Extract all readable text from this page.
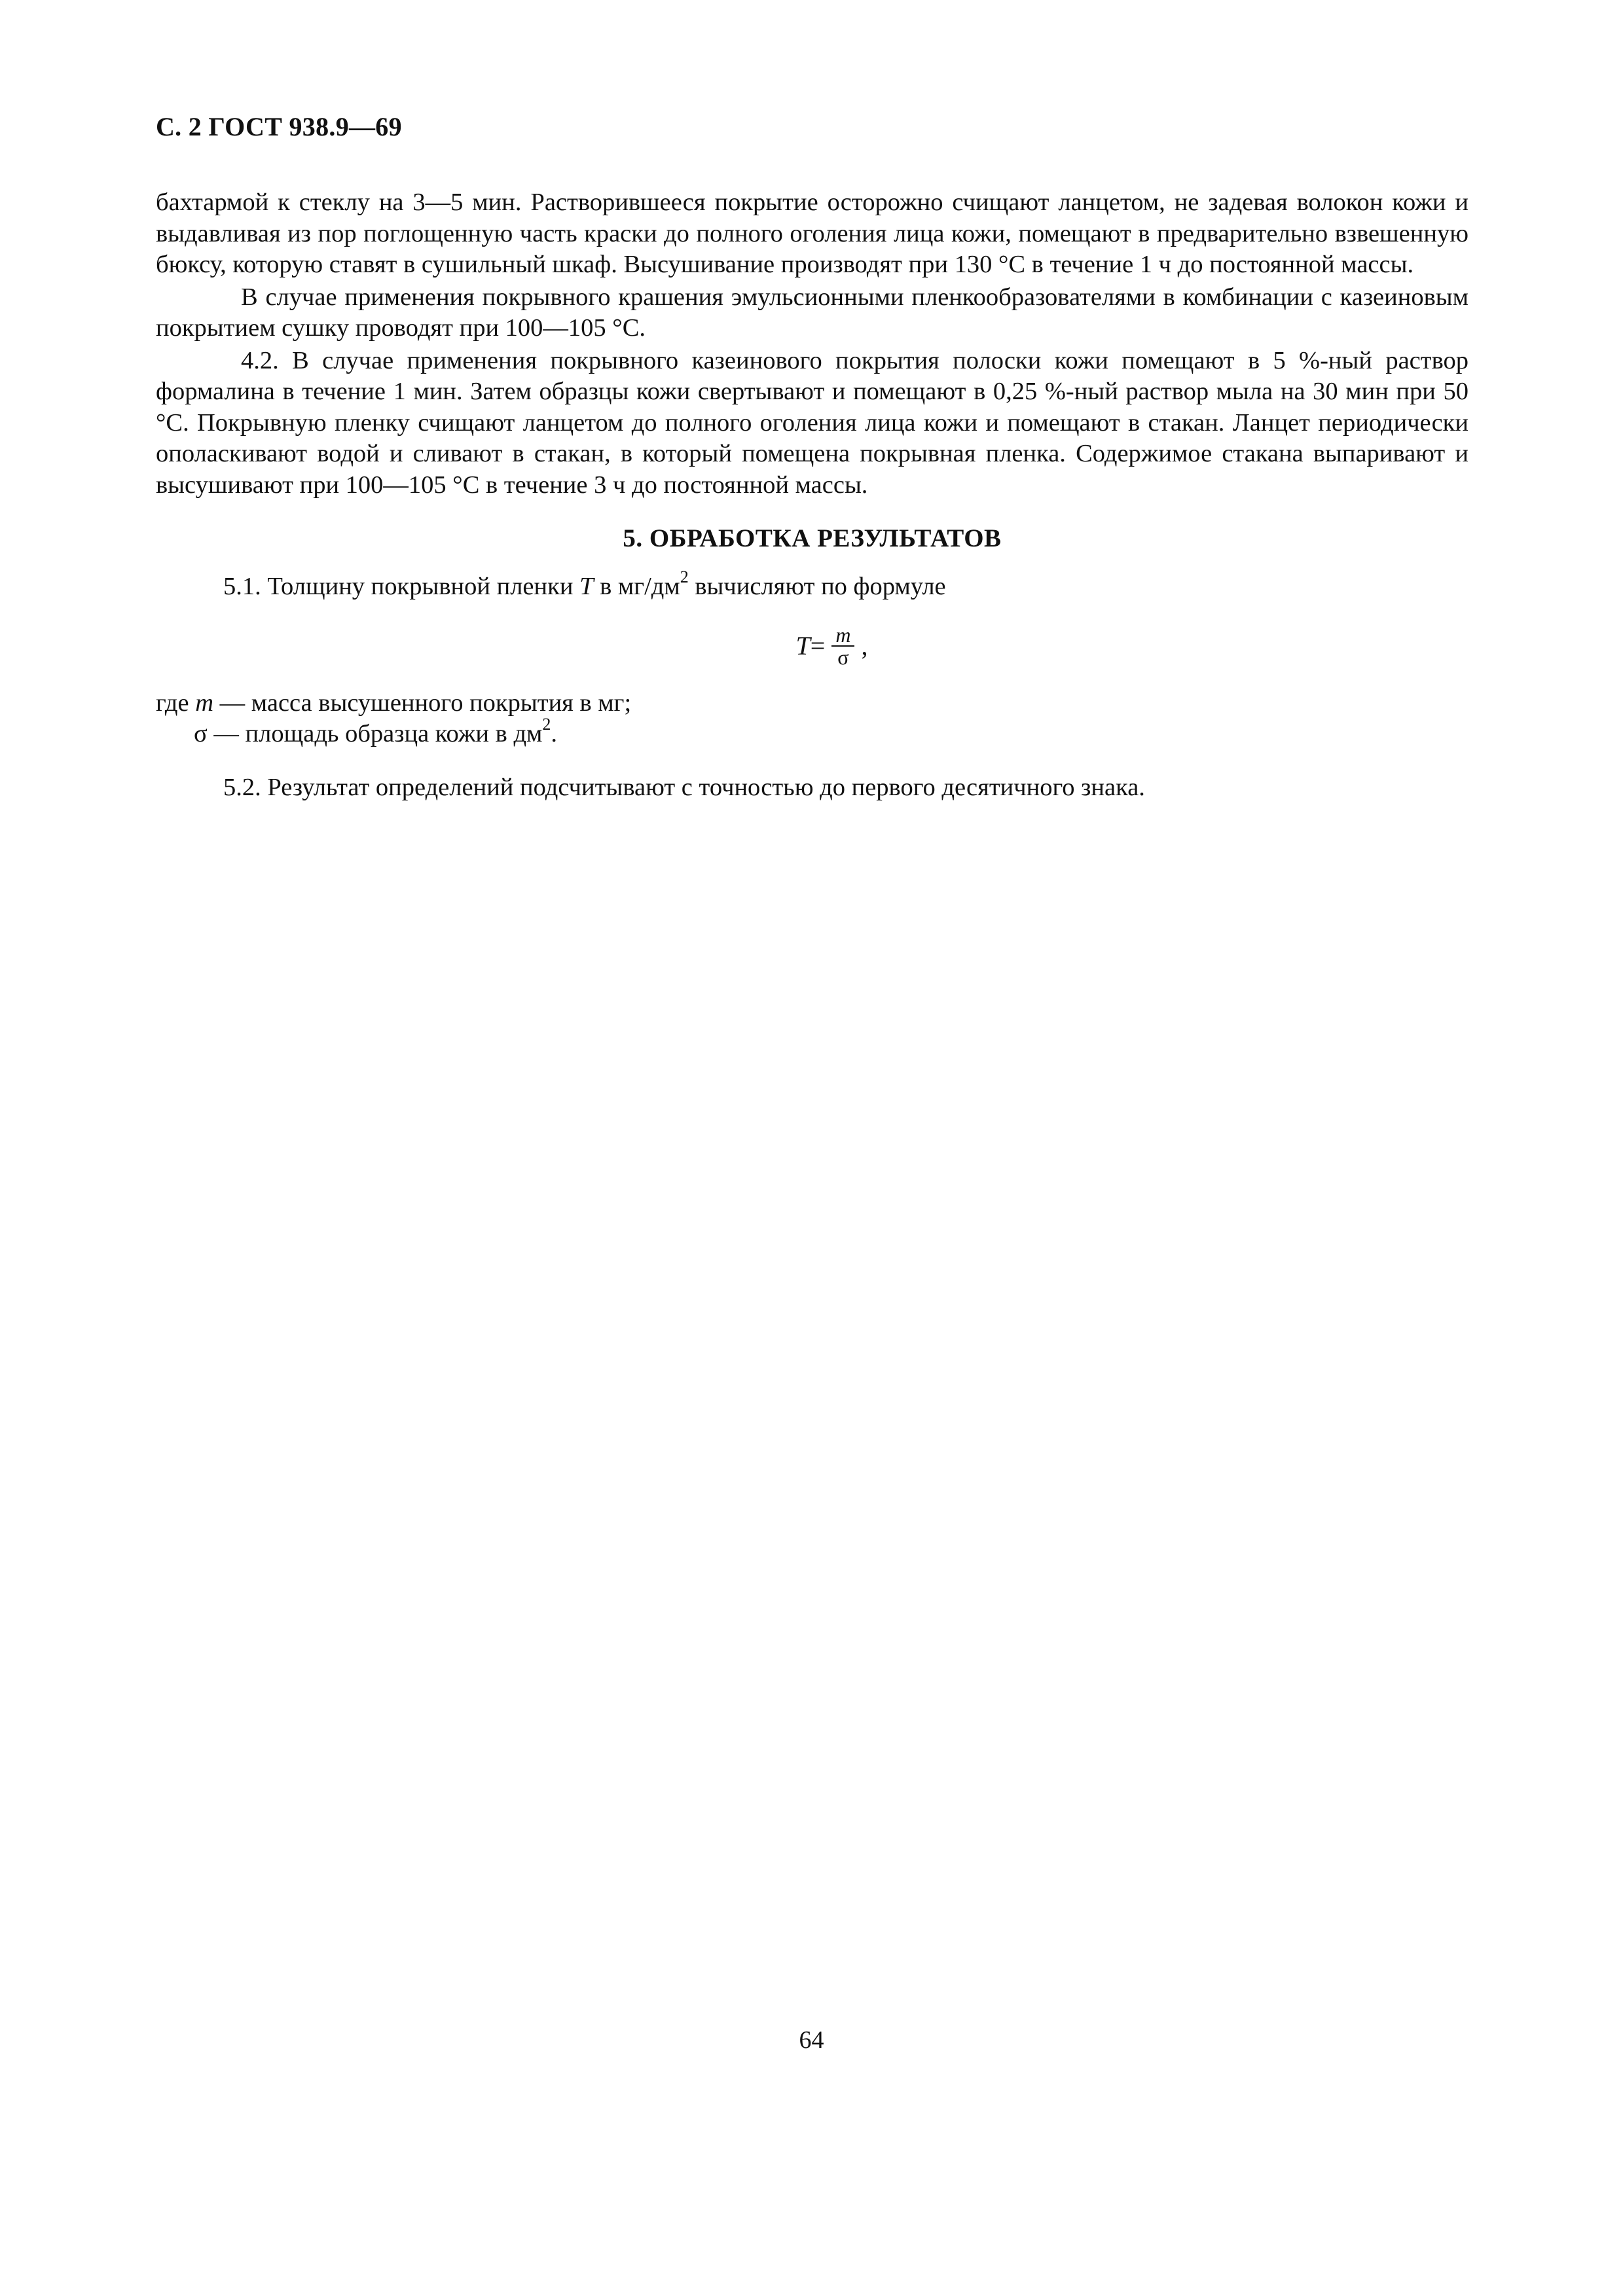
С. 2 ГОСТ 938.9—69

бахтармой к стеклу на 3—5 мин. Растворившееся покрытие осторожно счищают ланцетом, не задевая волокон кожи и выдавливая из пор поглощенную часть краски до полного оголения лица кожи, помещают в предварительно взвешенную бюксу, которую ставят в сушильный шкаф. Высушивание производят при 130 °С в течение 1 ч до постоянной массы.

В случае применения покрывного крашения эмульсионными пленкообразователями в комбинации с казеиновым покрытием сушку проводят при 100—105 °С.

4.2. В случае применения покрывного казеинового покрытия полоски кожи помещают в 5 %-ный раствор формалина в течение 1 мин. Затем образцы кожи свертывают и помещают в 0,25 %-ный раствор мыла на 30 мин при 50 °С. Покрывную пленку счищают ланцетом до полного оголения лица кожи и помещают в стакан. Ланцет периодически ополаскивают водой и сливают в стакан, в который помещена покрывная пленка. Содержимое стакана выпаривают и высушивают при 100—105 °С в течение 3 ч до постоянной массы.

5. ОБРАБОТКА РЕЗУЛЬТАТОВ

5.1. Толщину покрывной пленки T в $мг/дм^2$ вычисляют по формуле

$T = \frac{m}{\sigma}$ ,
где m — масса высушенного покрытия в мг;
σ — площадь образца кожи в $дм^2$.

5.2. Результат определений подсчитывают с точностью до первого десятичного знака.

64
